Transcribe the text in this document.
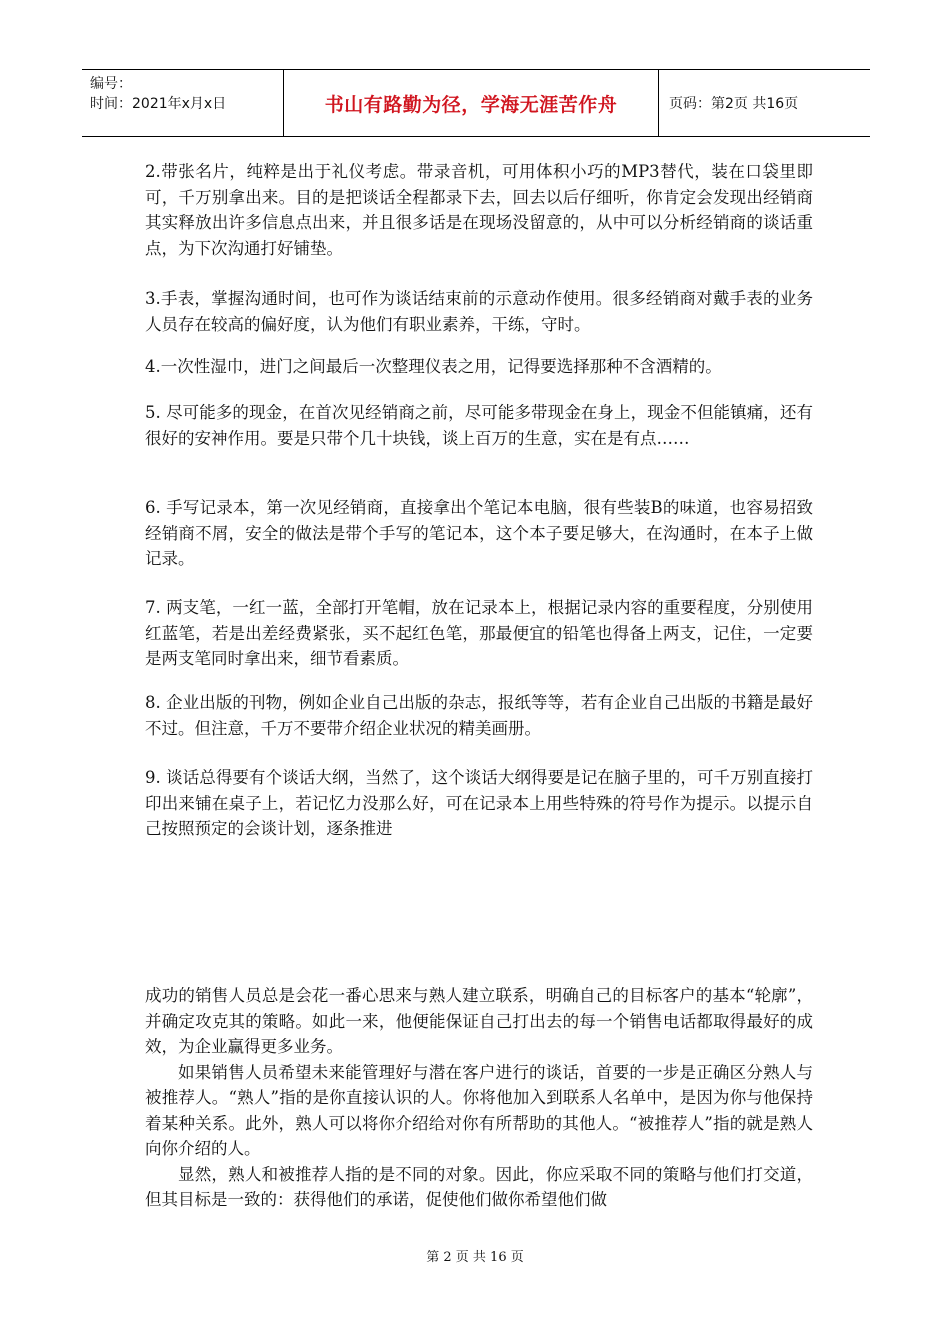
编号：
时间：2021年x月x日	书山有路勤为径，学海无涯苦作舟	页码：第2页 共16页

2.带张名片，纯粹是出于礼仪考虑。带录音机，可用体积小巧的MP3替代，装在口袋里即可，千万别拿出来。目的是把谈话全程都录下去，回去以后仔细听，你肯定会发现出经销商其实释放出许多信息点出来，并且很多话是在现场没留意的，从中可以分析经销商的谈话重点，为下次沟通打好铺垫。

3.手表，掌握沟通时间，也可作为谈话结束前的示意动作使用。很多经销商对戴手表的业务人员存在较高的偏好度，认为他们有职业素养，干练，守时。

4.一次性湿巾，进门之间最后一次整理仪表之用，记得要选择那种不含酒精的。

5. 尽可能多的现金，在首次见经销商之前，尽可能多带现金在身上，现金不但能镇痛，还有很好的安神作用。要是只带个几十块钱，谈上百万的生意，实在是有点……

6. 手写记录本，第一次见经销商，直接拿出个笔记本电脑，很有些装B的味道，也容易招致经销商不屑，安全的做法是带个手写的笔记本，这个本子要足够大，在沟通时，在本子上做记录。

7. 两支笔，一红一蓝，全部打开笔帽，放在记录本上，根据记录内容的重要程度，分别使用红蓝笔，若是出差经费紧张，买不起红色笔，那最便宜的铅笔也得备上两支，记住，一定要是两支笔同时拿出来，细节看素质。

8. 企业出版的刊物，例如企业自己出版的杂志，报纸等等，若有企业自己出版的书籍是最好不过。但注意，千万不要带介绍企业状况的精美画册。

9. 谈话总得要有个谈话大纲，当然了，这个谈话大纲得要是记在脑子里的，可千万别直接打印出来铺在桌子上，若记忆力没那么好，可在记录本上用些特殊的符号作为提示。以提示自己按照预定的会谈计划，逐条推进

成功的销售人员总是会花一番心思来与熟人建立联系，明确自己的目标客户的基本“轮廓”，并确定攻克其的策略。如此一来，他便能保证自己打出去的每一个销售电话都取得最好的成效，为企业赢得更多业务。

如果销售人员希望未来能管理好与潜在客户进行的谈话，首要的一步是正确区分熟人与被推荐人。“熟人”指的是你直接认识的人。你将他加入到联系人名单中，是因为你与他保持着某种关系。此外，熟人可以将你介绍给对你有所帮助的其他人。“被推荐人”指的就是熟人向你介绍的人。

显然，熟人和被推荐人指的是不同的对象。因此，你应采取不同的策略与他们打交道，但其目标是一致的：获得他们的承诺，促使他们做你希望他们做

第 2 页 共 16 页
